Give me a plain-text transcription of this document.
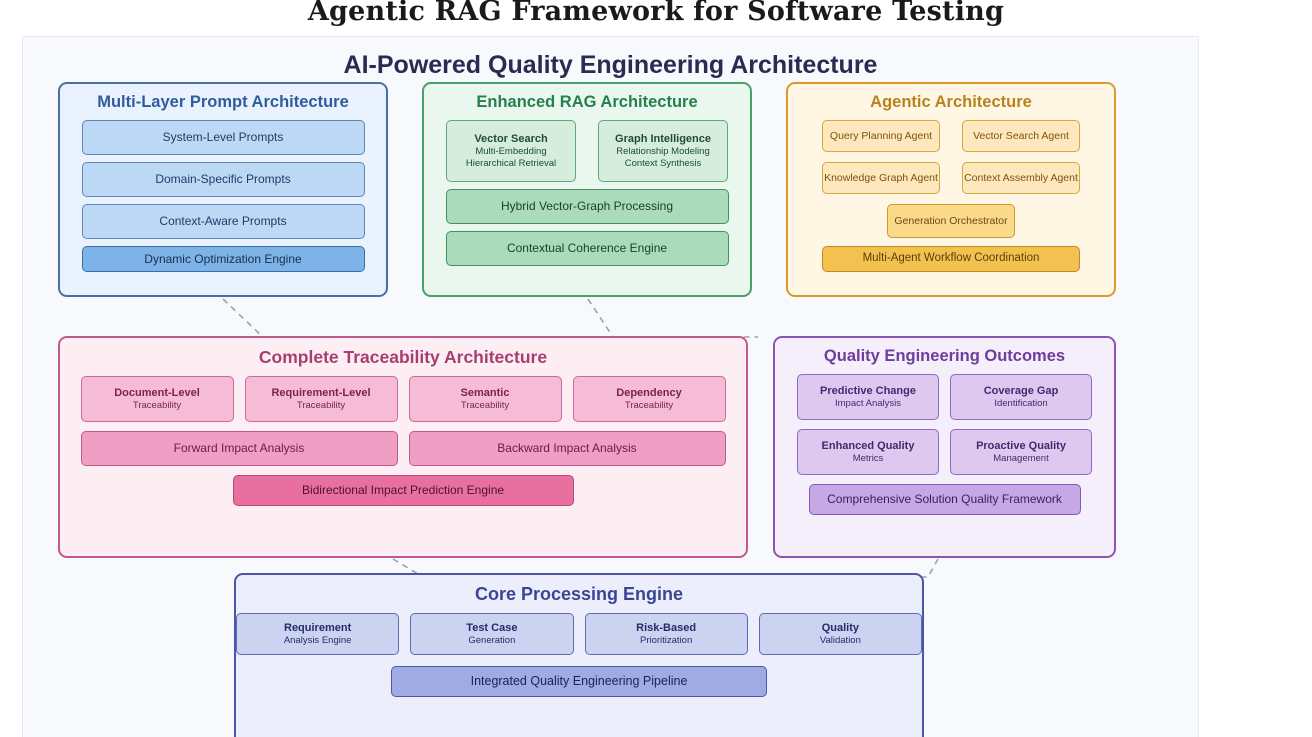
Agentic RAG Framework for Software Testing
AI-Powered Quality Engineering Architecture
Multi-Layer Prompt Architecture
System-Level Prompts
Domain-Specific Prompts
Context-Aware Prompts
Dynamic Optimization Engine
Enhanced RAG Architecture
Vector Search
Multi-Embedding
Hierarchical Retrieval
Graph Intelligence
Relationship Modeling
Context Synthesis
Hybrid Vector-Graph Processing
Contextual Coherence Engine
Agentic Architecture
Query Planning Agent	Vector Search Agent
Knowledge Graph Agent Context Assembly Agent
Generation Orchestrator
Multi-Agent Workflow Coordination
Complete Traceability Architecture
Document-Level
Traceability
Requirement-Level
Traceability
Semantic
Traceability
Dependency
Traceability
Forward Impact Analysis	Backward Impact Analysis
Bidirectional Impact Prediction Engine
Quality Engineering Outcomes
Predictive Change
Impact Analysis
Coverage Gap
Identification
Enhanced Quality
Metrics
Proactive Quality
Management
Comprehensive Solution Quality Framework
Core Processing Engine
Requirement
Analysis Engine
Test Case
Generation
Risk-Based
Prioritization
Quality
Validation
Integrated Quality Engineering Pipeline
